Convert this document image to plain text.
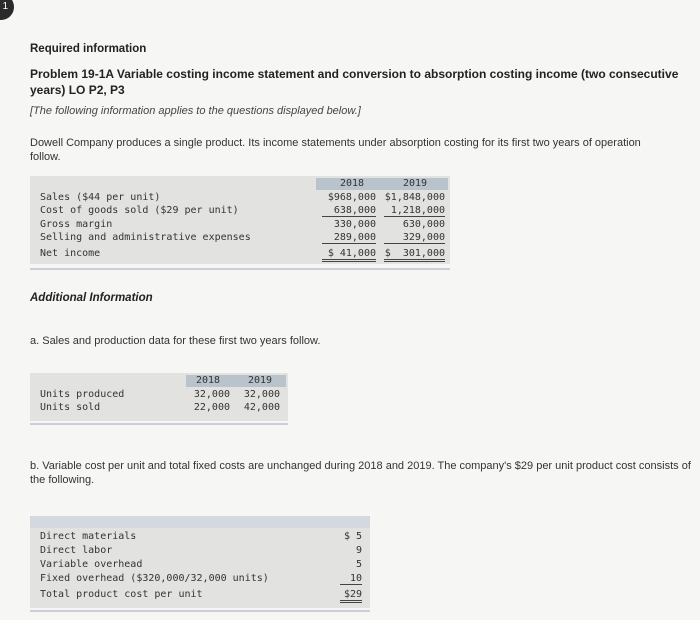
1
Required information
Problem 19-1A Variable costing income statement and conversion to absorption costing income (two consecutive years) LO P2, P3
[The following information applies to the questions displayed below.]
Dowell Company produces a single product. Its income statements under absorption costing for its first two years of operation follow.
2018	2019
Sales ($44 per unit)	$968,000 $1,848,000
Cost of goods sold ($29 per unit)	638,000	1,218,000
Gross margin	330,000	630,000
Selling and administrative expenses	289,000	329,000
Net income	$ 41,000 $  301,000
Additional Information
a. Sales and production data for these first two years follow.
2018	2019
Units produced	32,000	32,000
Units sold	22,000	42,000
b. Variable cost per unit and total fixed costs are unchanged during 2018 and 2019. The company's $29 per unit product cost consists of the following.
Direct materials	$ 5
Direct labor	9
Variable overhead	5
Fixed overhead ($320,000/32,000 units)	10
Total product cost per unit	$29
